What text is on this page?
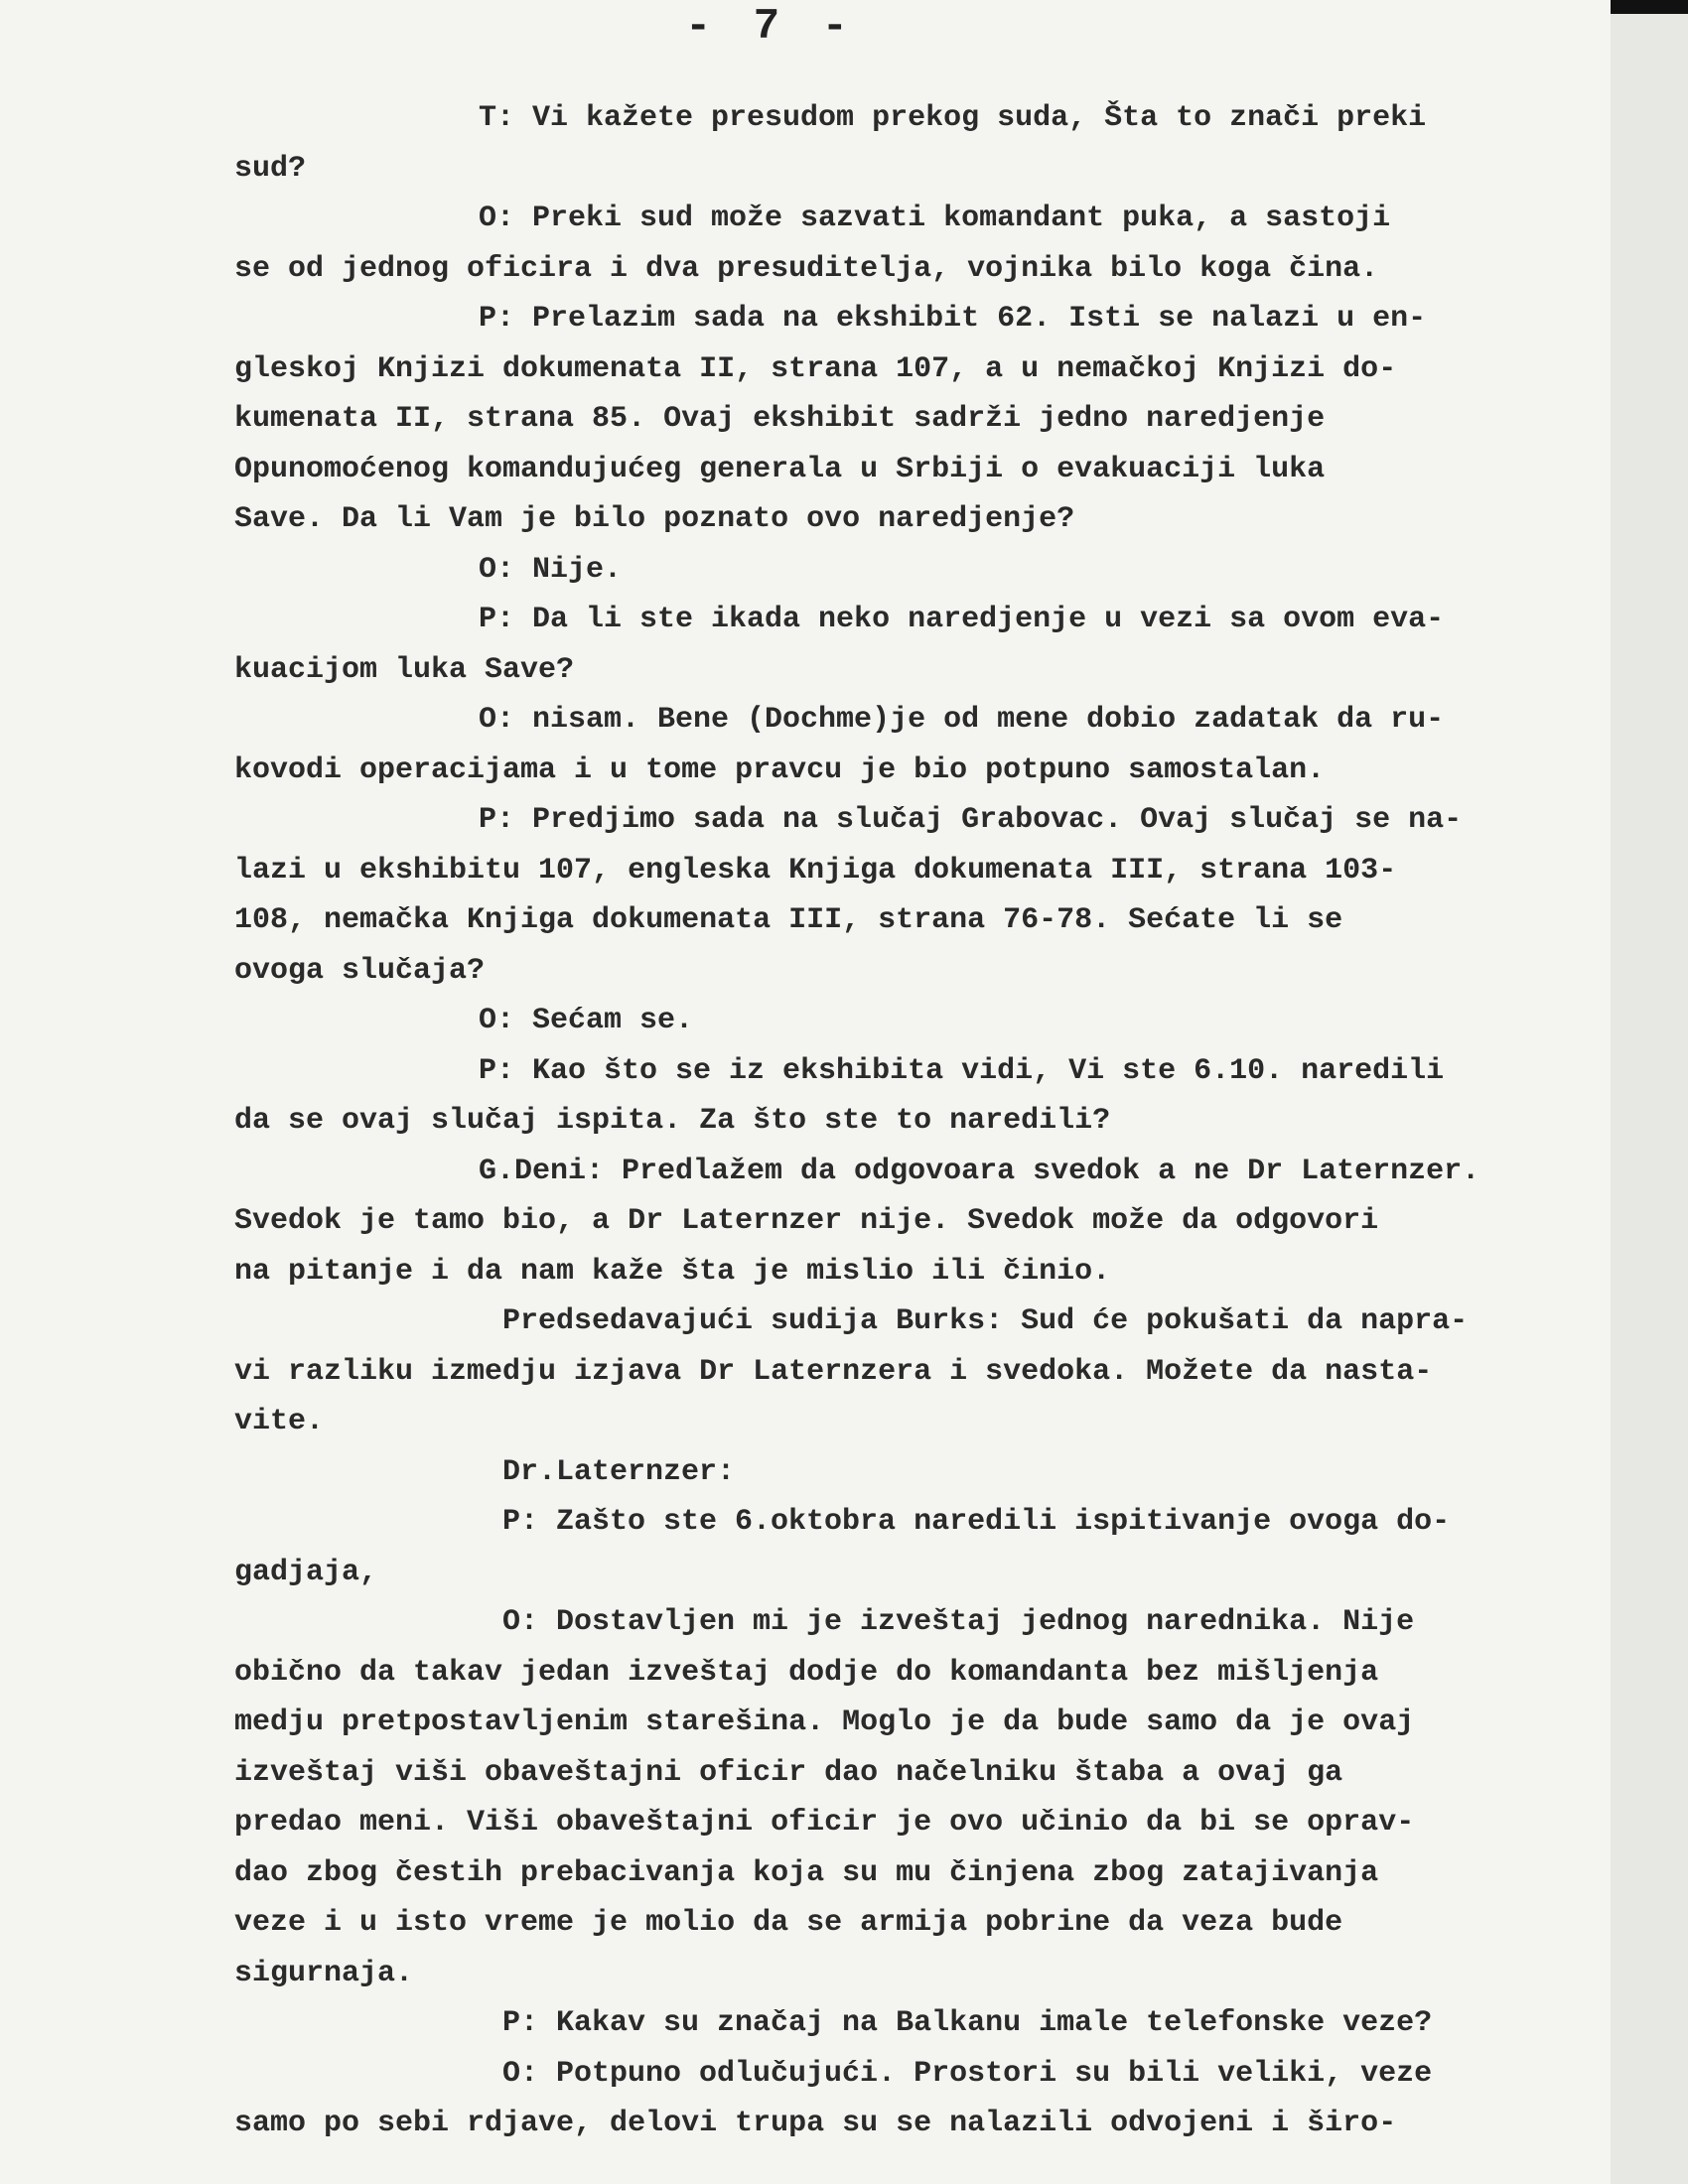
- 7 -
T: Vi kažete presudom prekog suda, Šta to znači preki
sud?
O: Preki sud može sazvati komandant puka, a sastoji
se od jednog oficira i dva presuditelja, vojnika bilo koga čina.
P: Prelazim sada na ekshibit 62. Isti se nalazi u en-
gleskoj Knjizi dokumenata II, strana 107, a u nemačkoj Knjizi do-
kumenata II, strana 85. Ovaj ekshibit sadrži jedno naredjenje
Opunomoćenog komandujućeg generala u Srbiji o evakuaciji luka
Save. Da li Vam je bilo poznato ovo naredjenje?
O: Nije.
P: Da li ste ikada neko naredjenje u vezi sa ovom eva-
kuacijom luka Save?
O: nisam. Bene (Dochme)je od mene dobio zadatak da ru-
kovodi operacijama i u tome pravcu je bio potpuno samostalan.
P: Predjimo sada na slučaj Grabovac. Ovaj slučaj se na-
lazi u ekshibitu 107, engleska Knjiga dokumenata III, strana 103-
108, nemačka Knjiga dokumenata III, strana 76-78. Sećate li se
ovoga slučaja?
O: Sećam se.
P: Kao što se iz ekshibita vidi, Vi ste 6.10. naredili
da se ovaj slučaj ispita. Za što ste to naredili?
G.Deni: Predlažem da odgovoara svedok a ne Dr Laternzer.
Svedok je tamo bio, a Dr Laternzer nije. Svedok može da odgovori
na pitanje i da nam kaže šta je mislio ili činio.
Predsedavajući sudija Burks: Sud će pokušati da napra-
vi razliku izmedju izjava Dr Laternzera i svedoka. Možete da nasta-
vite.
Dr.Laternzer:
P: Zašto ste 6.oktobra naredili ispitivanje ovoga do-
gadjaja,
O: Dostavljen mi je izveštaj jednog narednika. Nije
obično da takav jedan izveštaj dodje do komandanta bez mišljenja
medju pretpostavljenim starešina. Moglo je da bude samo da je ovaj
izveštaj viši obaveštajni oficir dao načelniku štaba a ovaj ga
predao meni. Viši obaveštajni oficir je ovo učinio da bi se oprav-
dao zbog čestih prebacivanja koja su mu činjena zbog zatajivanja
veze i u isto vreme je molio da se armija pobrine da veza bude
sigurnaja.
P: Kakav su značaj na Balkanu imale telefonske veze?
O: Potpuno odlučujući. Prostori su bili veliki, veze
samo po sebi rdjave, delovi trupa su se nalazili odvojeni i širo-
